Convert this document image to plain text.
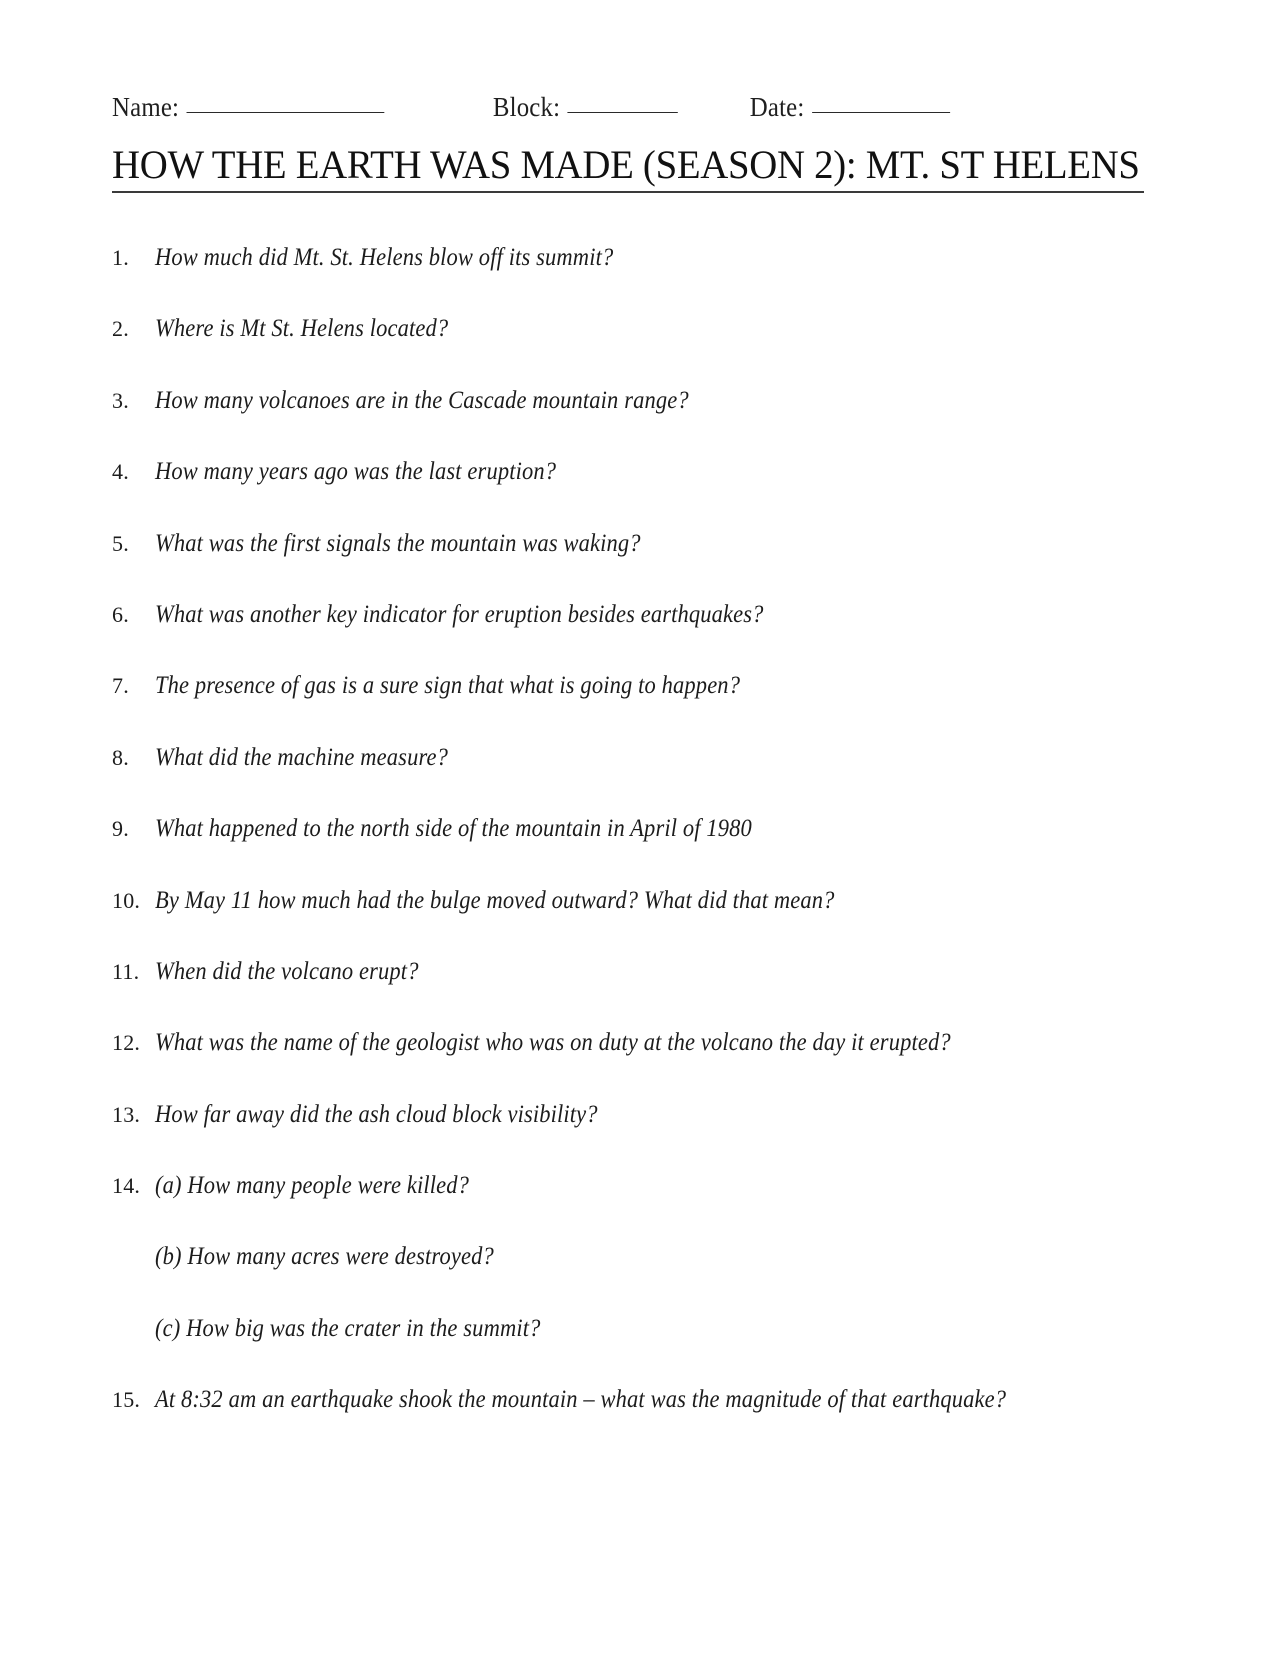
Name:	Block:	Date:
HOW THE EARTH WAS MADE (SEASON 2): MT. ST HELENS
1.	How much did Mt. St. Helens blow off its summit?
2.	Where is Mt St. Helens located?
3.	How many volcanoes are in the Cascade mountain range?
4.	How many years ago was the last eruption?
5.	What was the first signals the mountain was waking?
6.	What was another key indicator for eruption besides earthquakes?
7.	The presence of gas is a sure sign that what is going to happen?
8.	What did the machine measure?
9.	What happened to the north side of the mountain in April of 1980
10. By May 11 how much had the bulge moved outward? What did that mean?
11. When did the volcano erupt?
12. What was the name of the geologist who was on duty at the volcano the day it erupted?
13. How far away did the ash cloud block visibility?
14. (a) How many people were killed?
(b) How many acres were destroyed?
(c) How big was the crater in the summit?
15. At 8:32 am an earthquake shook the mountain – what was the magnitude of that earthquake?
